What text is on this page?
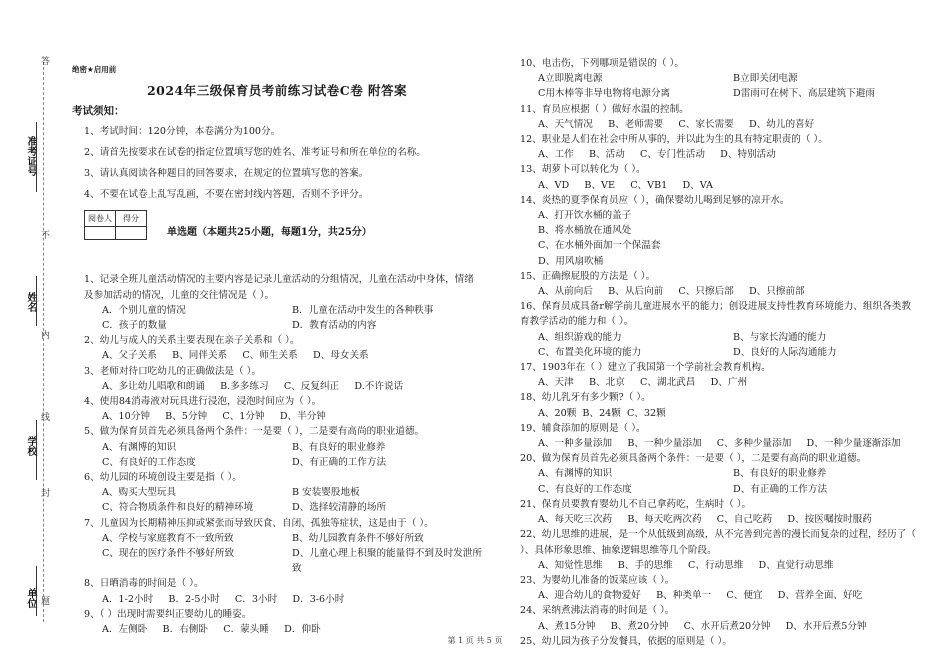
答
不
内
线
封
题
准考证号
姓名
学校
单位
绝密★启用前
2024年三级保育员考前练习试卷C卷 附答案
考试须知：

1、考试时间：120分钟，本卷满分为100分。

2、请首先按要求在试卷的指定位置填写您的姓名、准考证号和所在单位的名称。

3、请认真阅读各种题目的回答要求，在规定的位置填写您的答案。

4、不要在试卷上乱写乱画，不要在密封线内答题，否则不予评分。

阅卷人	得分

单选题（本题共25小题，每题1分，共25分）
1、记录全班儿童活动情况的主要内容是记录儿童活动的分组情况，儿童在活动中身体，情绪
及参加活动的情况，儿童的交往情况是（ ）。
A．个别儿童的情况	B．儿童在活动中发生的各种秩事
C．孩子的数量	D．教育活动的内容
2、幼儿与成人的关系主要表现在亲子关系和（ ）。
A、父子关系     B、同伴关系     C、师生关系     D、母女关系
3、老师对待口吃幼儿的正确做法是（ ）。
A、多让幼儿唱歌和朗诵     B.多多练习     C、反复纠正     D.不许说话
4、使用84消毒液对玩具进行浸泡，浸泡时间应为（ ）。
A、10分钟     B、5分钟     C、1分钟     D、半分钟
5、做为保育员首先必须具备两个条件：一是要（ ），二是要有高尚的职业道德。
A、有渊博的知识	B、有良好的职业修养
C、有良好的工作态度	D、有正确的工作方法
6、幼儿园的环境创设主要是指（ ）。
A、购买大型玩具	B 安装婴股地板
C、符合物质条件和良好的精神环境	D、选择较清静的场所
7、儿童因为长期精神压抑或紧张而导致厌食、自闭、孤独等症状，这是由于（ ）。
A、学校与家庭教育不一致所致	B、幼儿园教育条件不够好所致
C、现在的医疗条件不够好所致	D、儿童心理上积聚的能量得不到及时发泄所致
8、日晒消毒的时间是（ ）。
A．1-2小时     B．2-5小时     C．3小时     D．3-6小时
9、（ ）出现时需要纠正婴幼儿的睡姿。
A．左侧卧     B．右侧卧     C．蒙头睡     D．仰卧
10、电击伤，下列哪项是错误的（ ）。
A立即脱离电源	B立即关闭电源
C用木棒等非导电物将电源分离	D雷雨可在树下、高层建筑下避雨
11、育员应根据（ ）做好水温的控制。
A、天气情况     B、老师需要     C、家长需要     D、幼儿的喜好
12、职业是人们在社会中所从事的，并以此为生的具有特定职责的（ ）。
A、工作     B、活动     C、专门性活动     D、特别活动
13、胡萝卜可以转化为（ ）。
A、VD     B、VE     C、VB1     D、VA
14、炎热的夏季保育员应（ ），确保婴幼儿喝到足够的凉开水。
A、打开饮水桶的盖子
B、将水桶放在通风处
C、在水桶外面加一个保温套
D、用风扇吹桶
15、正确擦屁股的方法是（ ）。
A、从前向后     B、从后向前     C、只擦后部     D、只擦前部
16、保育员成具备r解学前儿童进展水平的能力；创设进展支持性教育环境能力、组织各类教
育教学活动的能力和（ ）。
A、组织游戏的能力	B、与家长沟通的能力
C、布置美化环境的能力	D、良好的人际沟通能力
17、1903年在（ ）建立了我国第一个学前社会教育机构。
A、天津     B、北京     C、湖北武昌     D、广州
18、幼儿乳牙有多少颗?（ ）。
A、20颗  B、24颗  C、32颗
19、辅食添加的原则是（ ）。
A、一种多量添加     B、一种少量添加     C、多种少量添加     D、一种少量逐渐添加
20、做为保育员首先必须具备两个条件：一是要（ ），二是要有高尚的职业道德。
A、有渊博的知识	B、有良好的职业修养
C、有良好的工作态度	D、有正确的工作方法
21、保育员要教育婴幼儿不自己拿药吃，生病时（ ）。
A、每天吃三次药     B、每天吃两次药     C、自己吃药     D、按医嘱按时服药
22、幼儿思维的进展，是一个从低级到高级，从不完善到完善的漫长而复杂的过程，经历了（
）、具体形象思维、抽象逻辑思维等几个阶段。
A、知觉性思维     B、手的思维     C、行动思维     D、直觉行动思维
23、为婴幼儿准备的饭菜应该（ ）。
A、迎合幼儿的食物爱好     B、种类单一     C、便宜     D、营养全面、好吃
24、采纳煮沸法消毒的时间是（ ）。
A、煮15分钟     B、煮20分钟     C、水开后煮20分钟     D、水开后煮5分钟
25、幼儿园为孩子分发餐具，依据的原则是（ ）。
第 1 页 共 5 页
